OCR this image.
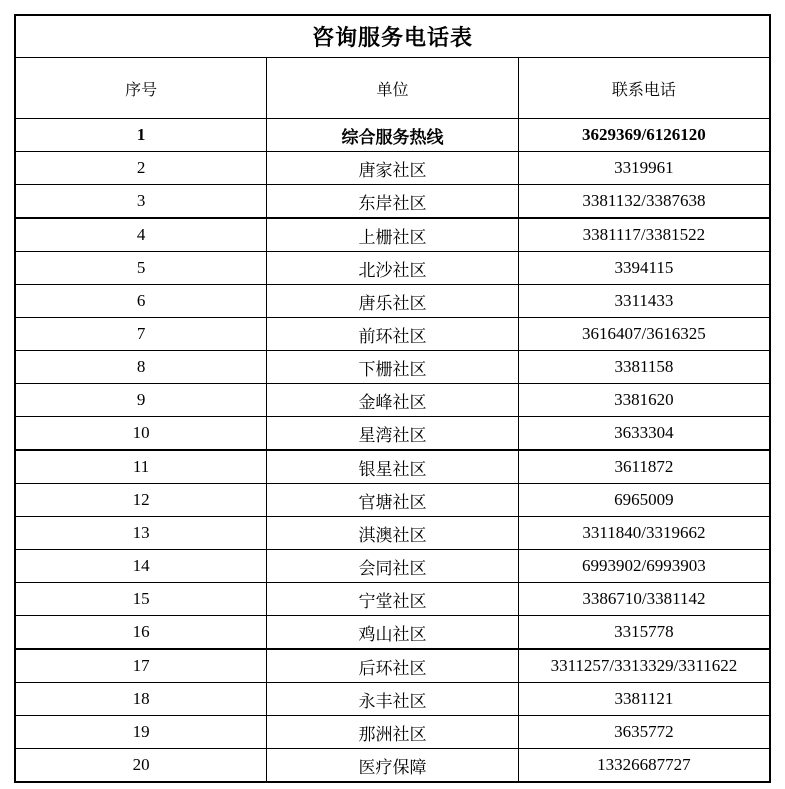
咨询服务电话表		
序号	单位	联系电话
1	综合服务热线	3629369/6126120
2	唐家社区	3319961
3	东岸社区	3381132/3387638
4	上栅社区	3381117/3381522
5	北沙社区	3394115
6	唐乐社区	3311433
7	前环社区	3616407/3616325
8	下栅社区	3381158
9	金峰社区	3381620
10	星湾社区	3633304
11	银星社区	3611872
12	官塘社区	6965009
13	淇澳社区	3311840/3319662
14	会同社区	6993902/6993903
15	宁堂社区	3386710/3381142
16	鸡山社区	3315778
17	后环社区	3311257/3313329/3311622
18	永丰社区	3381121
19	那洲社区	3635772
20	医疗保障	13326687727
